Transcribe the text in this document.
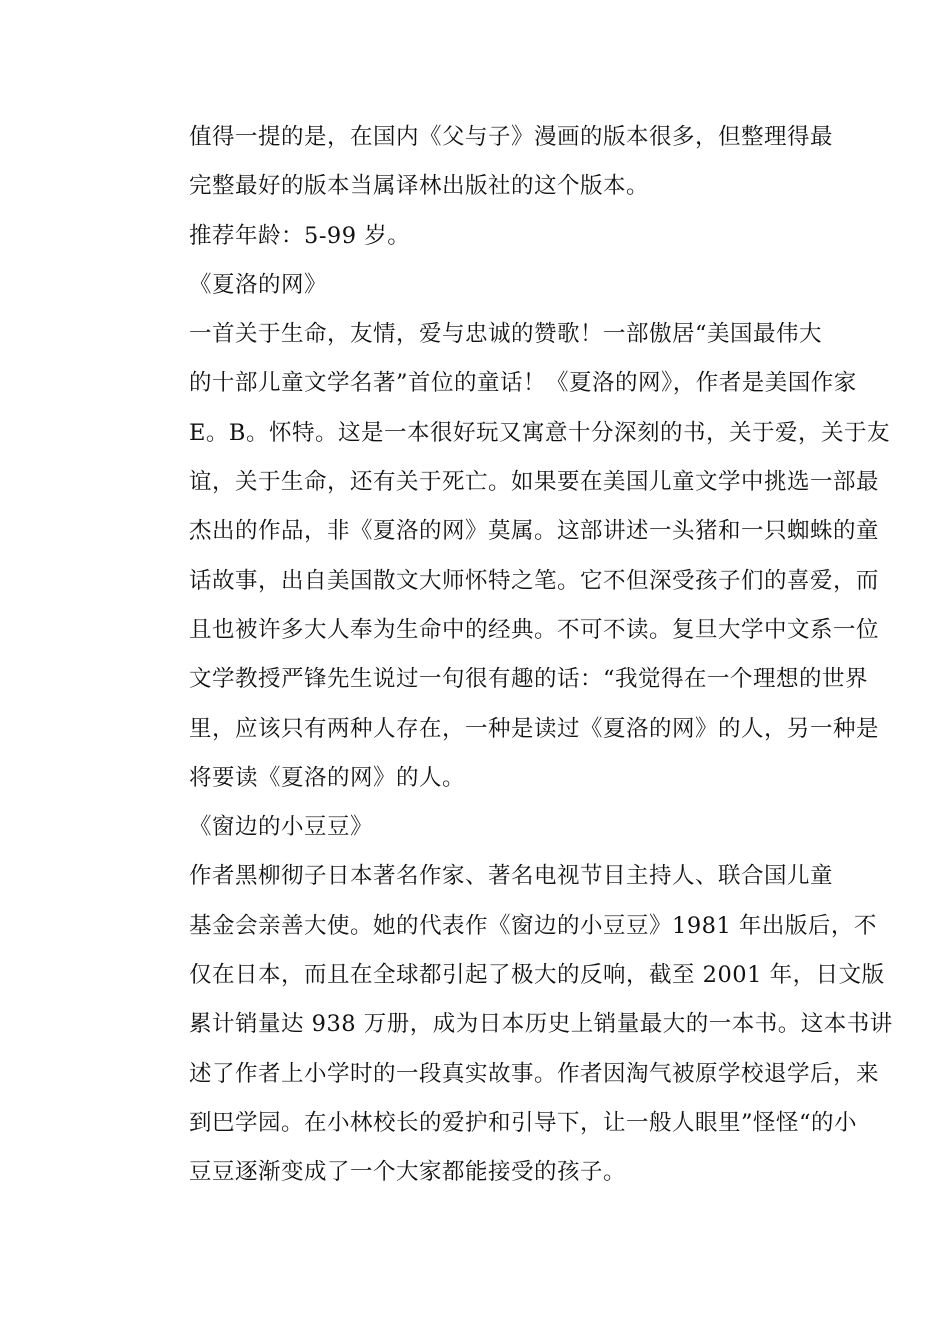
值得一提的是，在国内《父与子》漫画的版本很多，但整理得最
完整最好的版本当属译林出版社的这个版本。

推荐年龄：5-99 岁。

《夏洛的网》

一首关于生命，友情，爱与忠诚的赞歌！一部傲居“美国最伟大
的十部儿童文学名著”首位的童话！《夏洛的网》，作者是美国作家
E。B。怀特。这是一本很好玩又寓意十分深刻的书，关于爱，关于友
谊，关于生命，还有关于死亡。如果要在美国儿童文学中挑选一部最
杰出的作品，非《夏洛的网》莫属。这部讲述一头猪和一只蜘蛛的童
话故事，出自美国散文大师怀特之笔。它不但深受孩子们的喜爱，而
且也被许多大人奉为生命中的经典。不可不读。复旦大学中文系一位
文学教授严锋先生说过一句很有趣的话：“我觉得在一个理想的世界
里，应该只有两种人存在，一种是读过《夏洛的网》的人，另一种是
将要读《夏洛的网》的人。

《窗边的小豆豆》

作者黑柳彻子日本著名作家、著名电视节目主持人、联合国儿童
基金会亲善大使。她的代表作《窗边的小豆豆》1981 年出版后，不
仅在日本，而且在全球都引起了极大的反响，截至 2001 年，日文版
累计销量达 938 万册，成为日本历史上销量最大的一本书。这本书讲
述了作者上小学时的一段真实故事。作者因淘气被原学校退学后，来
到巴学园。在小林校长的爱护和引导下，让一般人眼里”怪怪“的小
豆豆逐渐变成了一个大家都能接受的孩子。
